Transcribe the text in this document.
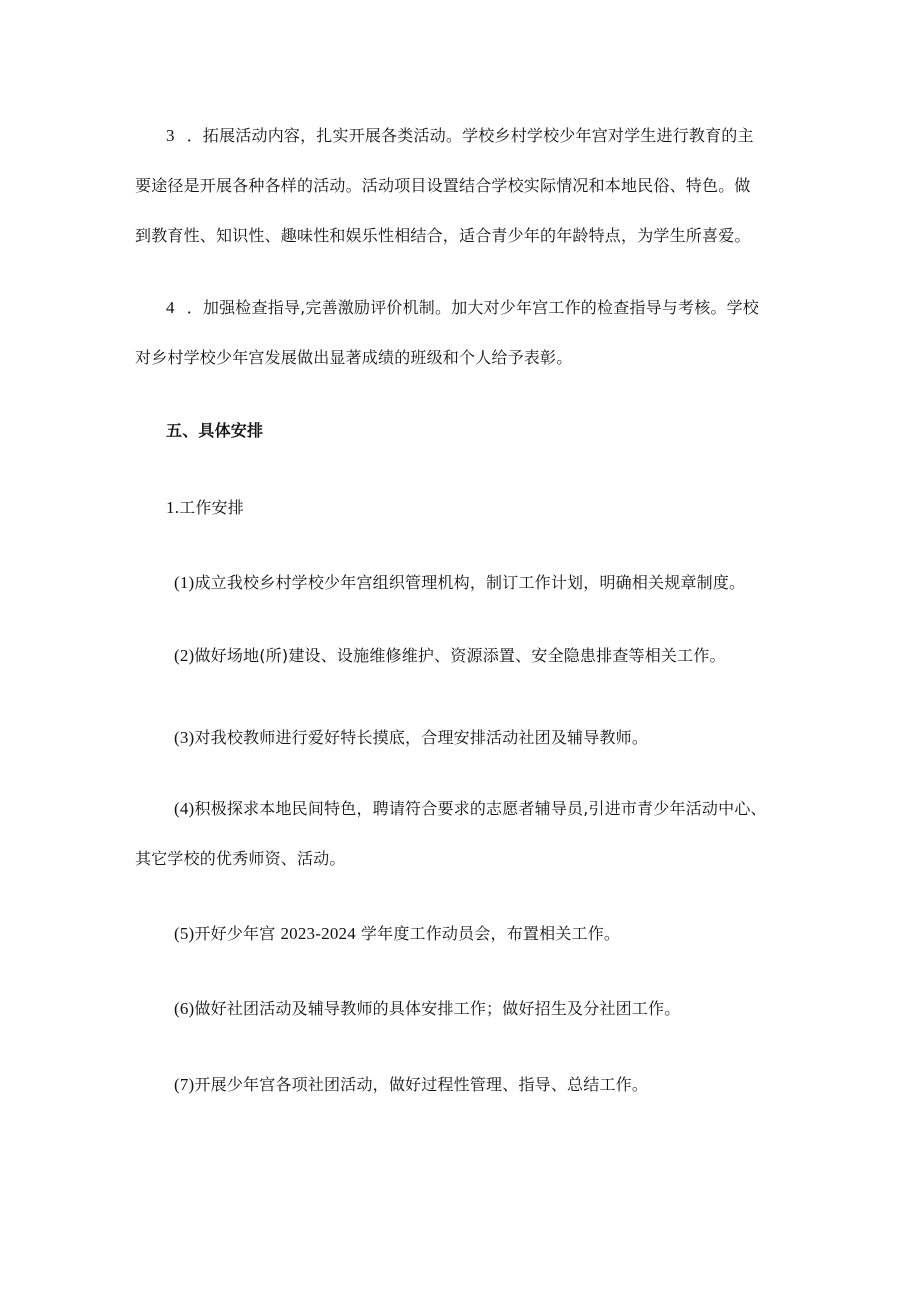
3 ．拓展活动内容，扎实开展各类活动。学校乡村学校少年宫对学生进行教育的主
要途径是开展各种各样的活动。活动项目设置结合学校实际情况和本地民俗、特色。做
到教育性、知识性、趣味性和娱乐性相结合，适合青少年的年龄特点，为学生所喜爱。
4 ．加强检查指导,完善激励评价机制。加大对少年宫工作的检查指导与考核。学校
对乡村学校少年宫发展做出显著成绩的班级和个人给予表彰。
五、具体安排
1.工作安排
(1)成立我校乡村学校少年宫组织管理机构，制订工作计划，明确相关规章制度。
(2)做好场地(所)建设、设施维修维护、资源添置、安全隐患排查等相关工作。
(3)对我校教师进行爱好特长摸底，合理安排活动社团及辅导教师。
(4)积极探求本地民间特色，聘请符合要求的志愿者辅导员,引进市青少年活动中心、
其它学校的优秀师资、活动。
(5)开好少年宫 2023-2024 学年度工作动员会，布置相关工作。
(6)做好社团活动及辅导教师的具体安排工作；做好招生及分社团工作。
(7)开展少年宫各项社团活动，做好过程性管理、指导、总结工作。
